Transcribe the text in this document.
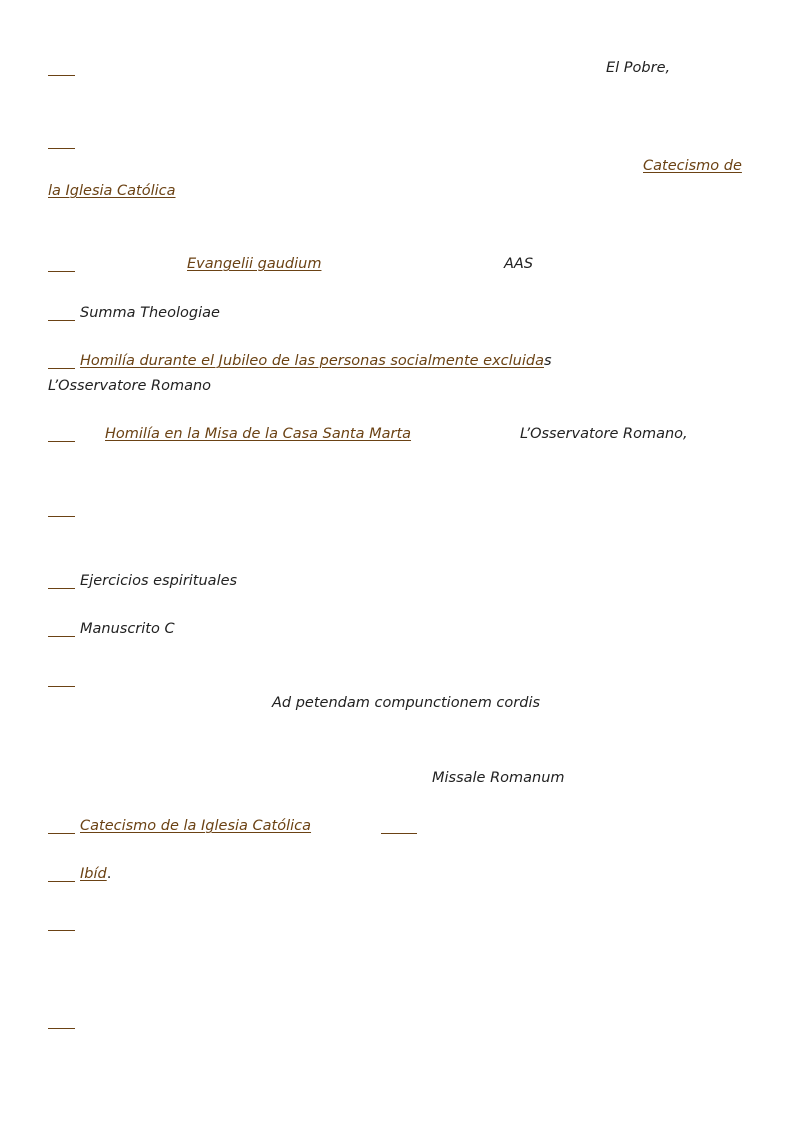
El Pobre,
Catecismo de
la Iglesia Católica
Evangelii gaudium	AAS
Summa Theologiae
Homilía durante el Jubileo de las personas socialmente excluidas
L’Osservatore Romano
Homilía en la Misa de la Casa Santa Marta	L’Osservatore Romano,
Ejercicios espirituales
Manuscrito C
Ad petendam compunctionem cordis
Missale Romanum
Catecismo de la Iglesia Católica
Ibíd.
